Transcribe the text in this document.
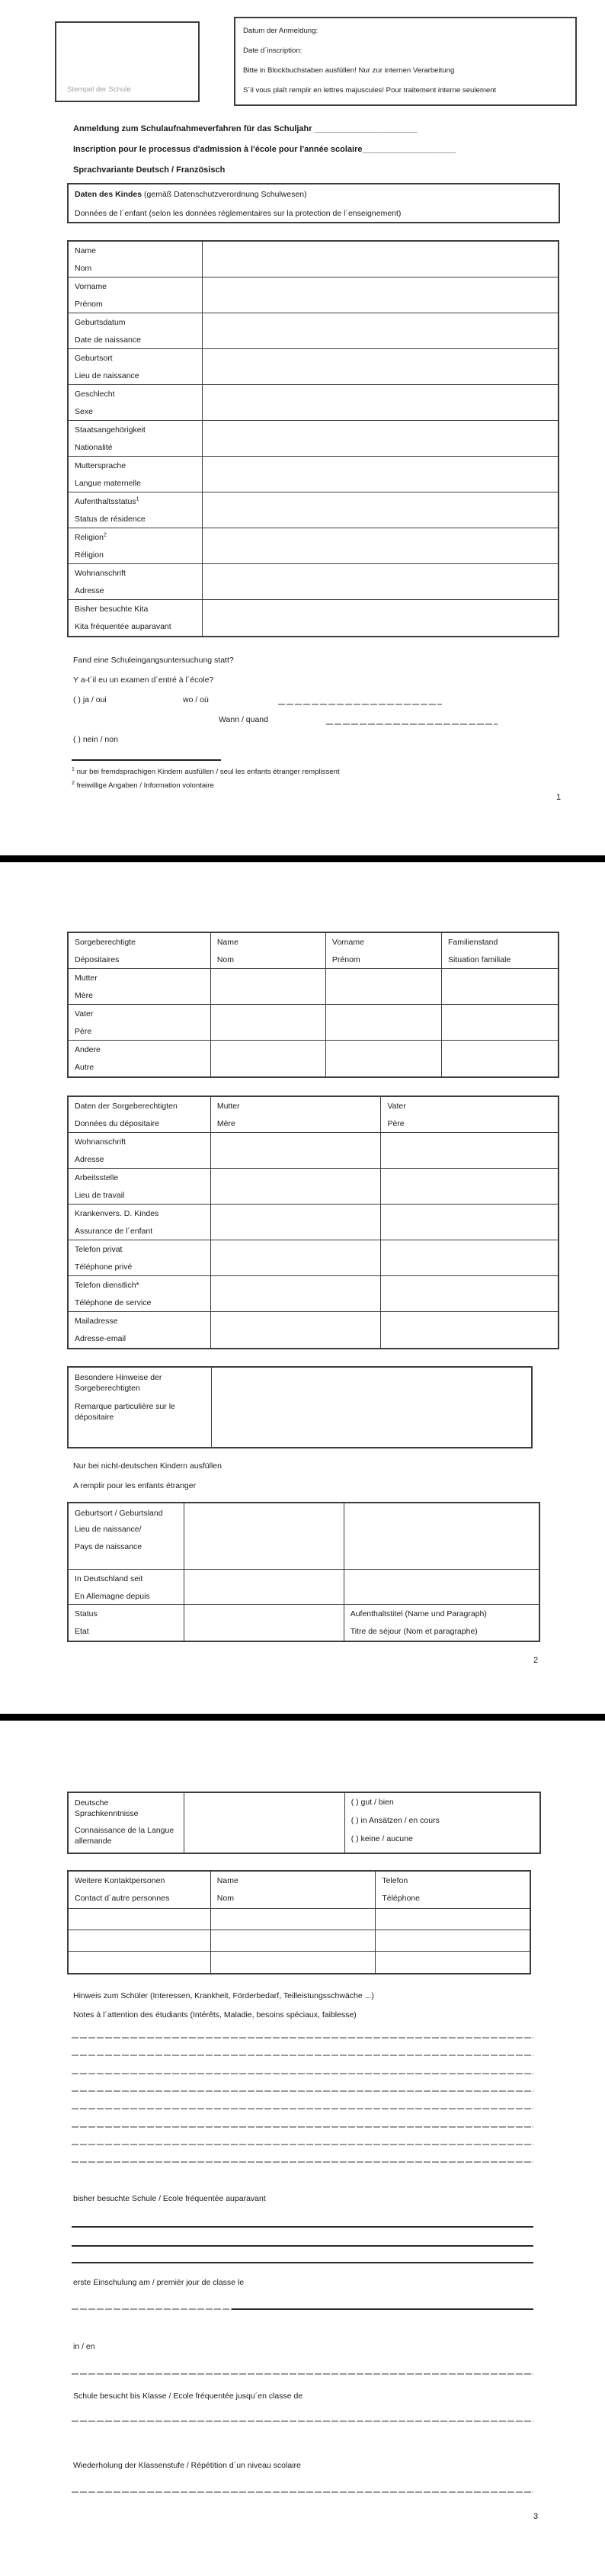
Stempel der Schule
Datum der Anmeldung:
Date d´inscription:
Bitte in Blockbuchstaben ausfüllen! Nur zur internen Verarbeitung
S´il vous plaît remplir en lettres majuscules! Pour traitement interne seulement
Anmeldung zum Schulaufnahmeverfahren für das Schuljahr ______________________
Inscription pour le processus d'admission à l'école pour l'année scolaire____________________
Sprachvariante Deutsch / Französisch
Daten des Kindes (gemäß Datenschutzverordnung Schulwesen)
Données de l´enfant (selon les données réglementaires sur la protection de l´enseignement)
Name
Nom
Vorname
Prénom
Geburtsdatum
Date de naissance
Geburtsort
Lieu de naissance
Geschlecht
Sexe
Staatsangehörigkeit
Nationalité
Muttersprache
Langue maternelle
Aufenthaltsstatus$^1$
Status de résidence
Religion$^2$
Réligion
Wohnanschrift
Adresse
Bisher besuchte Kita
Kita fréquentée auparavant
Fand eine Schuleingangsuntersuchung statt?
Y a-t´il eu un examen d´entré à l´école?
( ) ja / oui	wo / où
Wann / quand
( ) nein / non
$^1$ nur bei fremdsprachigen Kindern ausfüllen / seul les enfants étranger remplissent
$^2$ freiwillige Angaben / Information volontaire
1
Sorgeberechtigte
Dépositaires
Name
Nom
Vorname
Prénom
Familienstand
Situation familiale
Mutter
Mère
Vater
Père
Andere
Autre
Daten der Sorgeberechtigten
Données du dépositaire
Mutter
Mère
Vater
Père
Wohnanschrift
Adresse
Arbeitsstelle
Lieu de travail
Krankenvers. D. Kindes
Assurance de l´enfant
Telefon privat
Téléphone privé
Telefon dienstlich*
Téléphone de service
Mailadresse
Adresse-email
Besondere Hinweise der Sorgeberechtigten
Remarque particulière sur le dépositaire
Nur bei nicht-deutschen Kindern ausfüllen
A remplir pour les enfants étranger
Geburtsort / Geburtsland
Lieu de naissance/
Pays de naissance
In Deutschland seit
En Allemagne depuis
Status
Etat
Aufenthaltstitel (Name und Paragraph)
Titre de séjour (Nom et paragraphe)
2
Deutsche Sprachkenntnisse
Connaissance de la Langue allemande
( ) gut / bien
( ) in Ansätzen / en cours
( ) keine / aucune
Weitere Kontaktpersonen
Contact d´autre personnes
Name
Nom
Telefon
Téléphone
Hinweis zum Schüler (Interessen, Krankheit, Förderbedarf, Teilleistungsschwäche ...)
Notes à l´attention des étudiants (Intérêts, Maladie, besoins spéciaux, faiblesse)
bisher besuchte Schule / Ecole fréquentée auparavant
erste Einschulung am / premièr jour de classe le
in / en
Schule besucht bis Klasse / Ecole fréquentée jusqu´en classe de
Wiederholung der Klassenstufe / Répétition d´un niveau scolaire
3
